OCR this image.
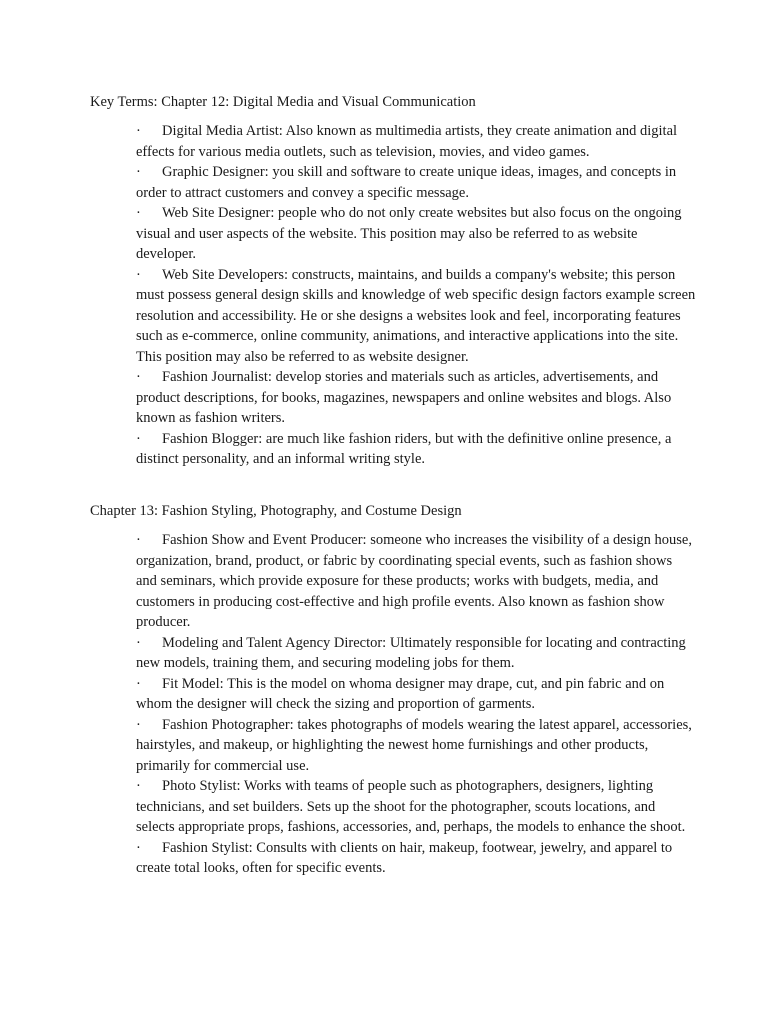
Key Terms: Chapter 12: Digital Media and Visual Communication
· Digital Media Artist: Also known as multimedia artists, they create animation and digital effects for various media outlets, such as television, movies, and video games.
· Graphic Designer: you skill and software to create unique ideas, images, and concepts in order to attract customers and convey a specific message.
· Web Site Designer: people who do not only create websites but also focus on the ongoing visual and user aspects of the website. This position may also be referred to as website developer.
· Web Site Developers: constructs, maintains, and builds a company's website; this person must possess general design skills and knowledge of web specific design factors example screen resolution and accessibility. He or she designs a websites look and feel, incorporating features such as e-commerce, online community, animations, and interactive applications into the site. This position may also be referred to as website designer.
· Fashion Journalist: develop stories and materials such as articles, advertisements, and product descriptions, for books, magazines, newspapers and online websites and blogs. Also known as fashion writers.
· Fashion Blogger: are much like fashion riders, but with the definitive online presence, a distinct personality, and an informal writing style.
Chapter 13: Fashion Styling, Photography, and Costume Design
· Fashion Show and Event Producer: someone who increases the visibility of a design house, organization, brand, product, or fabric by coordinating special events, such as fashion shows and seminars, which provide exposure for these products; works with budgets, media, and customers in producing cost-effective and high profile events. Also known as fashion show producer.
· Modeling and Talent Agency Director: Ultimately responsible for locating and contracting new models, training them, and securing modeling jobs for them.
· Fit Model: This is the model on whoma designer may drape, cut, and pin fabric and on whom the designer will check the sizing and proportion of garments.
· Fashion Photographer: takes photographs of models wearing the latest apparel, accessories, hairstyles, and makeup, or highlighting the newest home furnishings and other products, primarily for commercial use.
· Photo Stylist: Works with teams of people such as photographers, designers, lighting technicians, and set builders. Sets up the shoot for the photographer, scouts locations, and selects appropriate props, fashions, accessories, and, perhaps, the models to enhance the shoot.
· Fashion Stylist: Consults with clients on hair, makeup, footwear, jewelry, and apparel to create total looks, often for specific events.
